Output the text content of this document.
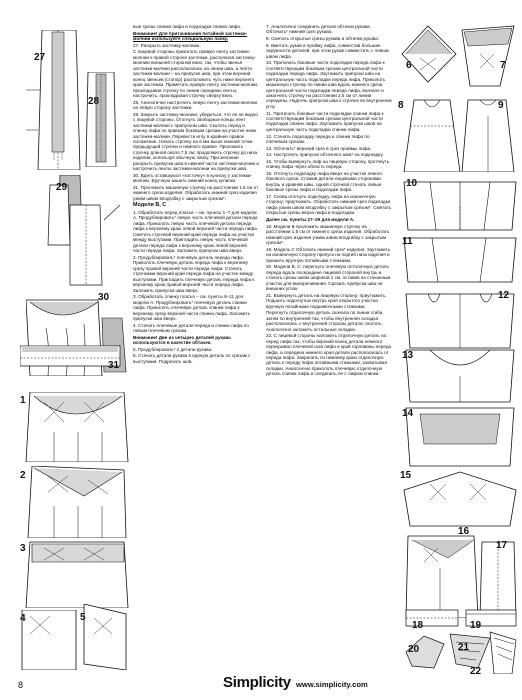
27
28
29
30
31
1
2
3
4	5

вые срезы спинки лифа и подкладки спинки лифа.

Внимание! Для притачивания потайной застежки-молнии используйте специальную лапку.

27. Раскрыть застежку-молнию.

С лицевой стороны приколоть правую ленту застежки-молнии к правой стороне застежки, располагая застежку-молнию внешней стороной вниз, так, чтобы звенья застежки-молнии располагались на линии шва, а лента застежки-молнии – на припуске шва, при этом верхний конец звеньев (стопор) расположить чуть ниже верхнего края застежки. Приметать правую ленту застежки-молнии, прокладывая строчку по линии середины ленты; настрочить, прокладывая строчку сверху вниз.

28. Аналогично настрочить левую ленту застежки-молнии на левую сторону застежки.

29. Закрыть застежку-молнию; убедиться, что ее не видно с лицевой стороны. Отогнуть свободные концы лент застежки-молнии с припуском шва. Сколоть перед и спинку лифа по правым боковым срезам на участке ниже застежки-молнии. Перевести иглу в крайнее правое положение. Начать строчку на 6 мм выше нижней точки предыдущей строчки и немного правее. Проложить строчку длиной около 7,5 см; продолжить строчку до низа изделия, используя обычную лапку. При желании раскрыть припуски шва в нижней части застежки-молнии и настрочить ленты застежки-молнии на припуски шва.

30. Вдеть оставшуюся «косточку» в кулиску у застежки-молнии. Вручную зашить нижний конец кулиски.

31. Проложить машинную строчку на расстоянии 1,5 см от нижнего среза изделия. Обработать нижний срез изделия узким швом вподгибку с закрытым срезом*.

Модели B, C

1. Обработать перед платья – см. пункты 1–7 для модели A. Продублировать* левую часть плечевой детали переда лифа. Приколоть левую часть плечевой детали переда лифа к верхнему краю левой верхней части переда лифа. Сметать строчкой верхний край переда лифа на участке между выступами. Пригладить левую часть плечевой детали переда лифа к верхнему краю левой верхней части переда лифа. Заложить припуски шва вверх.

2. Продублировать* плечевую деталь переда лифа. Приколоть плечевую деталь переда лифа к верхнему срезу правой верхней части переда лифа. Стачать строчками верхний край переда лифа на участке между выступами. Пригладить плечевую деталь переда лифа к верхнему краю правой верхней части переда лифа. Заложить припуски шва вверх.

3. Обработать спинку платья – см. пункты 8–11 для модели A. Продублировать* плечевую деталь спинки лифа. Приколоть плечевую деталь спинки лифа к верхнему срезу верхней части спинки лифа. Заложить припуски шва вверх.

4. Стачать плечевые детали переда и спинки лифа по левым плечевым срезам.

Внимание! Две из четырех деталей рукава используются в качестве обтачек.

5. Продублировать* 2 детали рукава.

6. Стачать детали рукава в единую деталь по срезам с выступами. Подрезать шов.

7. Аналогично соединить детали обтачки рукава. Обтачать* нижний срез рукава.

8. Сметать открытые срезы рукава и обтачки рукава.

9. Вметать рукав в пройму лифа, совместив большие окружности деталей, при этом рукав совместить с левым швом лифа.

10. Притачать боковые части подкладки переда лифа к соответствующим боковым срезам центральной части подкладки переда лифа. Заутюжить припуски шва на центральную часть подкладки переда лифа. Приколоть машинную строчку по линии шва вдоль нижнего среза центральной части подкладки переда лифа, вначале и закончить строчку на расстоянии 2,5 см от линии середины. Надсечь припуски шва к строчке во внутреннем углу.

11. Притачать боковые части подкладки спинки лифа к соответствующим боковым срезам центральной части подкладки спинки лифа. Заутюжить припуски швов на центральную часть подкладки спинки лифа.

12. Стачать подкладку переда и спинки лифа по плечевым срезам.

13. Обтачать* верхний срез в срез проймы лифа.

14. Настрочить припуски обтачного шва* на подкладку.

15. Чтобы вывернуть лиф на лицевую сторону, протянуть спинку лифа через область переда.

16. Отогнуть подкладку лифа вверх на участке левого бокового среза. Сложив детали лицевыми сторонами внутрь и уравняв швы, одной строчкой стачать левые боковые срезы лифа и подкладки лифа.

17. Снова отогнуть подкладку лифа на изнаночную сторону; приутюжить. Обработать нижний срез подкладки лифа узким швом вподгибку с закрытым срезом*. Сметать открытые срезы верха лифа и подкладки.

Далее см. пункты 27–29 для модели A.

18. Модели B проложить машинную строчку на расстоянии 1,5 см от нижнего среза изделия. Обработать нижний срез изделия узким швом вподгибку с закрытым срезом*.

19. Модель C Обтачать нижний срез* изделия. Заутюжить на изнаночную сторону припуск на подгиб низа изделия и пришить вручную потайными стежками.

20. Модели B, C: перегнуть плечевую оптолочную деталь переда вдоль посередине лицевой стороной внутрь и стачать срезы швом шириной 1 см, оставив не стачанным участок для выворачивания. Срезать припуски шва на внешних углах.

21. Вывернуть деталь на лицевую сторону; приутюжить. Подшить подогнутые внутрь края открытого участка вручную потайными подшивочными стежками.

Перегнуть отделочную деталь скачала по линии сгиба, затем по внутренней так, чтобы внутренняя складка располагалась с внутренней стороны детали; сколоть. Аналогично заложить остальные складки.

22. С лицевой стороны наложить отделочную деталь на перед лифа так, чтобы верхний конец детали немного перекрывал плечевой шов лифа и край горловины переда лифа, а середина нижнего края детали располагалась от переда лифа. Закрепить по нижнему краю отделочную деталь к переду лифа потайными стежками, захватывая складки. Аналогично приколоть плечевую отделочную деталь спинки лифа и соединить ее с лифом спинки.

6	7
8	9
10
11
12
13
14
15
16
17
18	19
20	21
22
8	Simplicity www.simplicity.com
